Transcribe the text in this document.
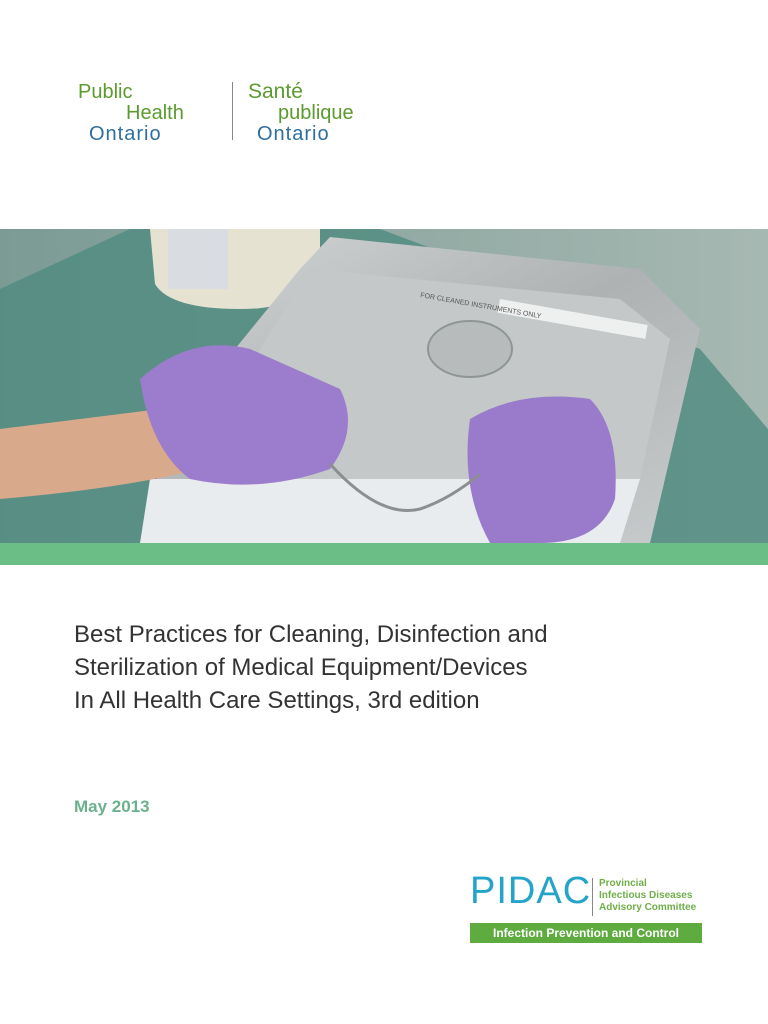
Public
Health
Ontario
Santé
publique
Ontario
FOR CLEANED INSTRUMENTS ONLY
Best Practices for Cleaning, Disinfection and
Sterilization of Medical Equipment/Devices
In All Health Care Settings, 3rd edition
May 2013
PIDAC Provincial
Infectious Diseases
Advisory Committee
Infection Prevention and Control
